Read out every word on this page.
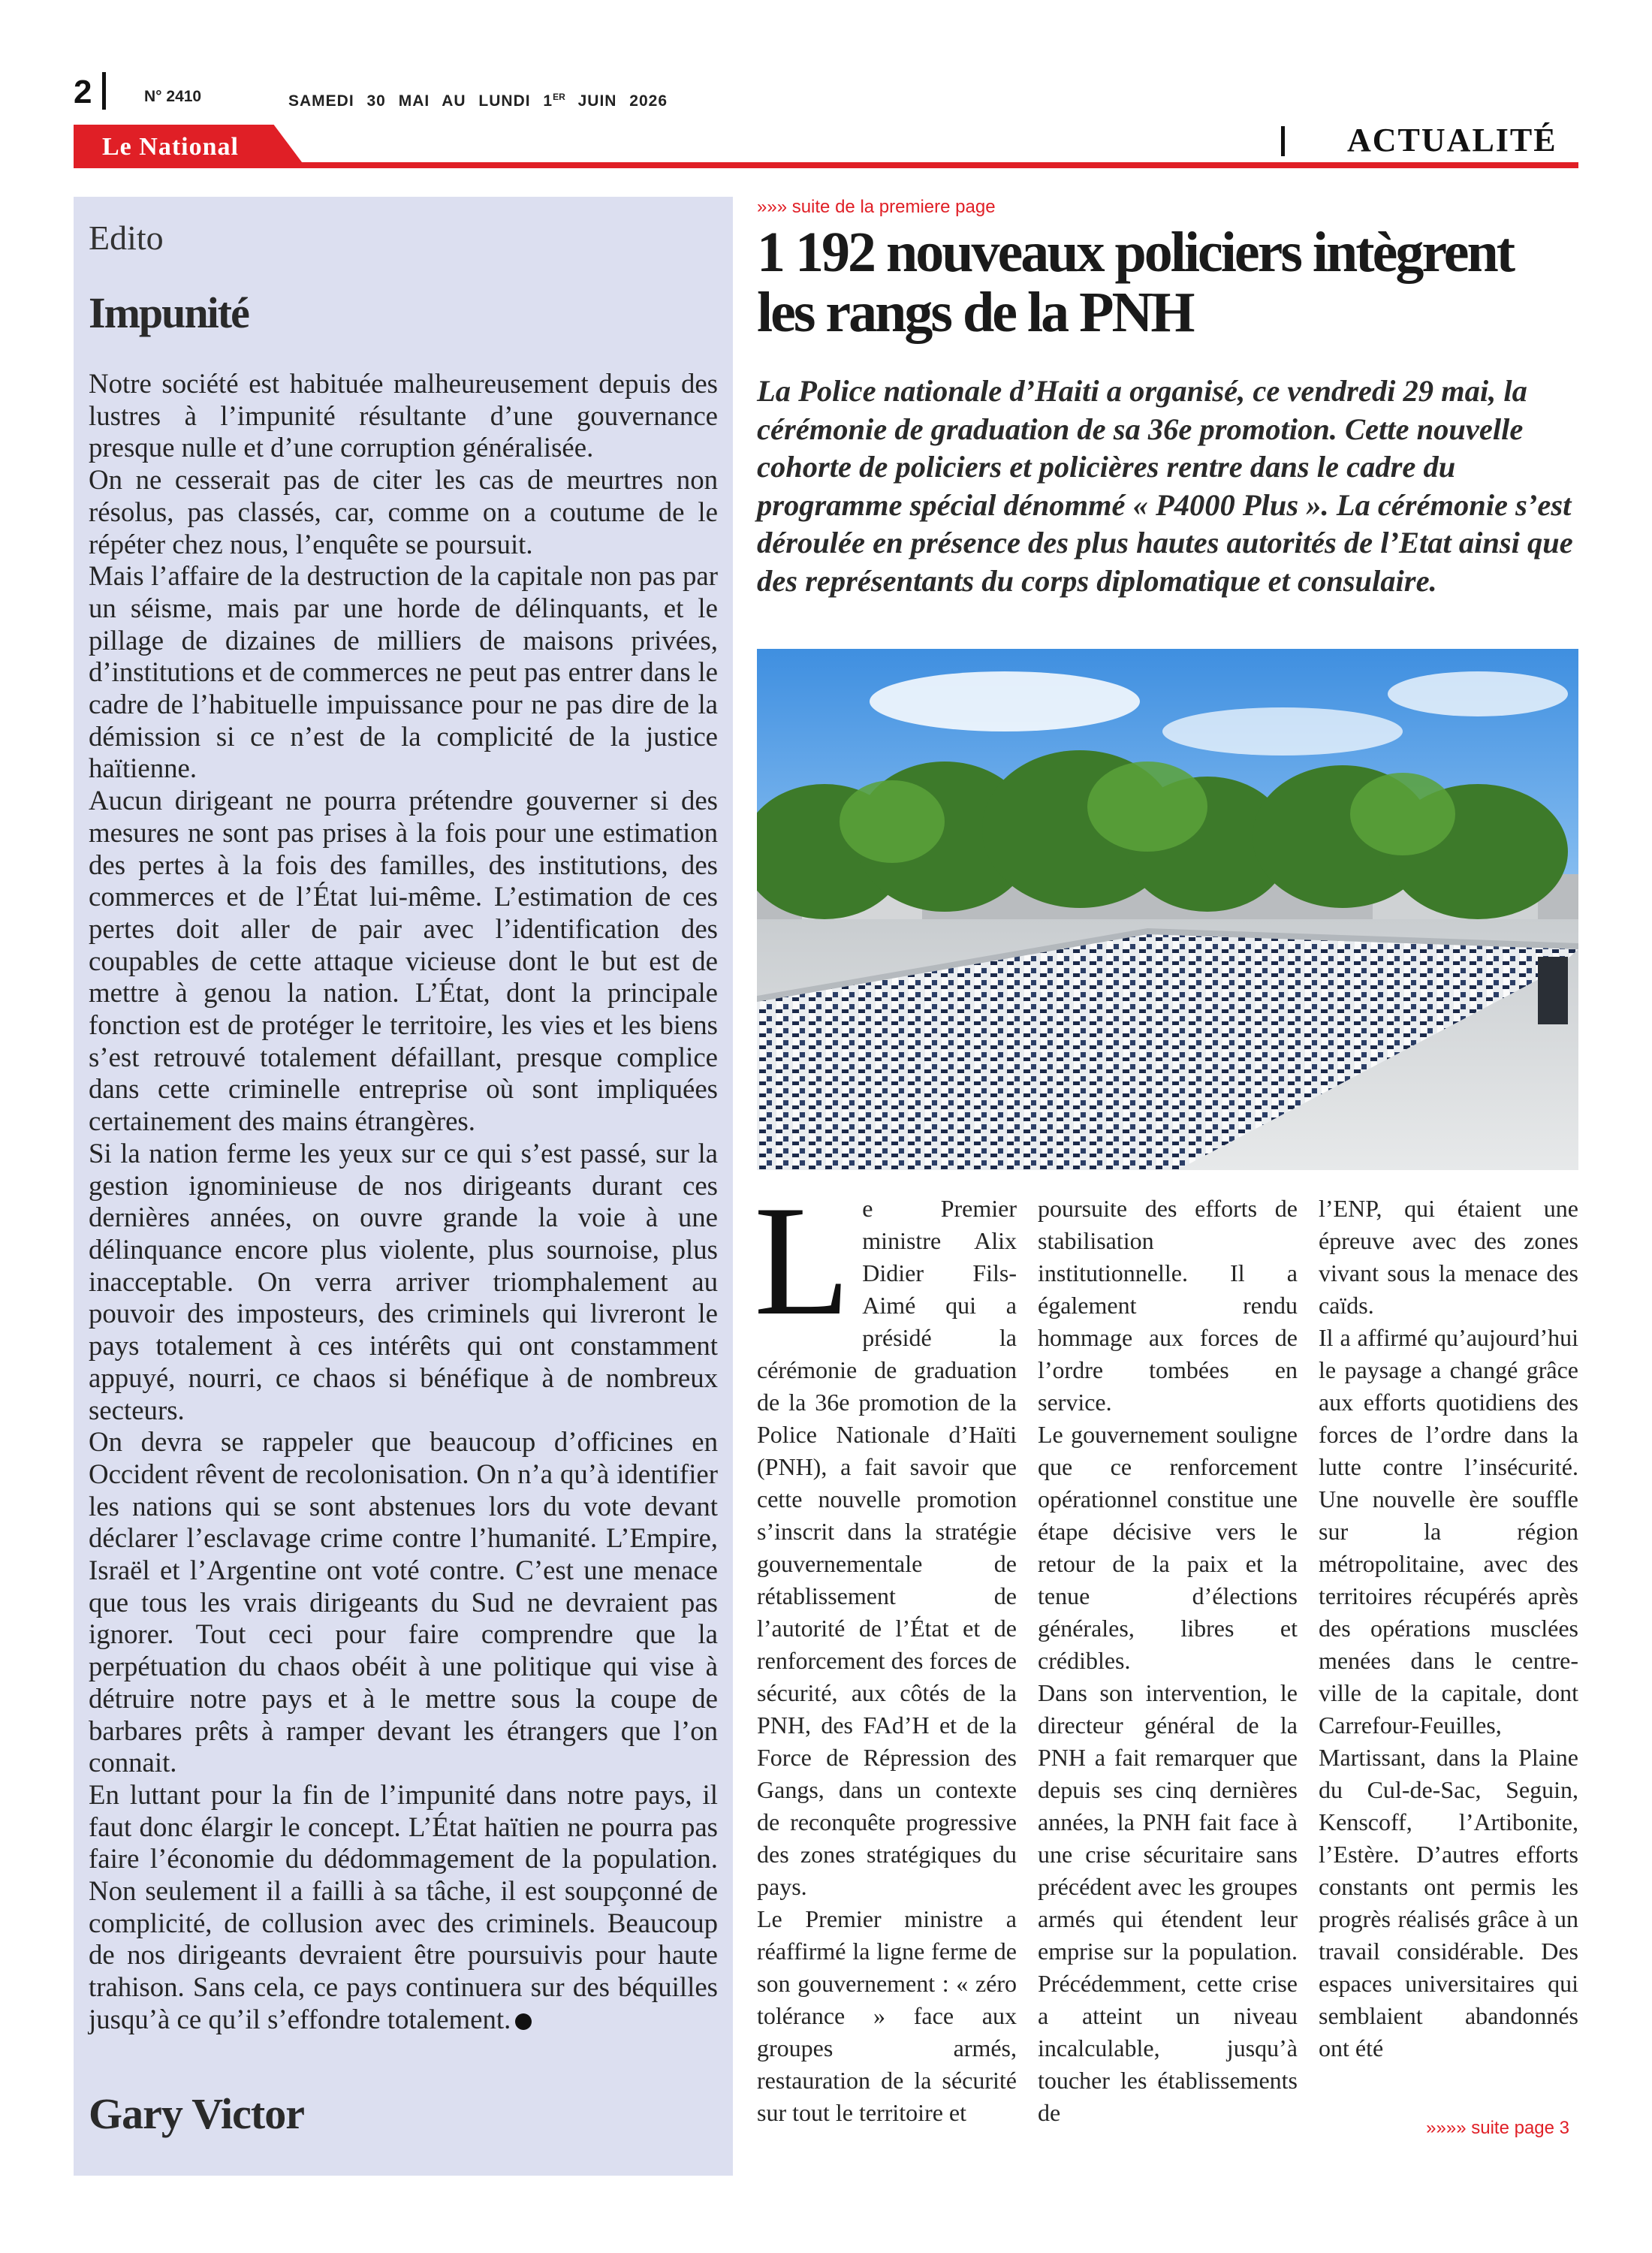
2	N° 2410	SAMEDI 30 MAI AU LUNDI 1ER JUIN 2026
Le National	ACTUALITÉ
Edito
Impunité

Notre société est habituée malheureusement depuis des lustres à l’impunité résultante d’une gouvernance presque nulle et d’une corruption généralisée.

On ne cesserait pas de citer les cas de meurtres non résolus, pas classés, car, comme on a coutume de le répéter chez nous, l’enquête se poursuit.

Mais l’affaire de la destruction de la capitale non pas par un séisme, mais par une horde de délinquants, et le pillage de dizaines de milliers de maisons privées, d’institutions et de commerces ne peut pas entrer dans le cadre de l’habituelle impuissance pour ne pas dire de la démission si ce n’est de la complicité de la justice haïtienne.

Aucun dirigeant ne pourra prétendre gouverner si des mesures ne sont pas prises à la fois pour une estimation des pertes à la fois des familles, des institutions, des commerces et de l’État lui-même. L’estimation de ces pertes doit aller de pair avec l’identification des coupables de cette attaque vicieuse dont le but est de mettre à genou la nation. L’État, dont la principale fonction est de protéger le territoire, les vies et les biens s’est retrouvé totalement défaillant, presque complice dans cette criminelle entreprise où sont impliquées certainement des mains étrangères.

Si la nation ferme les yeux sur ce qui s’est passé, sur la gestion ignominieuse de nos dirigeants durant ces dernières années, on ouvre grande la voie à une délinquance encore plus violente, plus sournoise, plus inacceptable. On verra arriver triomphalement au pouvoir des imposteurs, des criminels qui livreront le pays totalement à ces intérêts qui ont constamment appuyé, nourri, ce chaos si bénéfique à de nombreux secteurs.

On devra se rappeler que beaucoup d’officines en Occident rêvent de recolonisation. On n’a qu’à identifier les nations qui se sont abstenues lors du vote devant déclarer l’esclavage crime contre l’humanité. L’Empire, Israël et l’Argentine ont voté contre. C’est une menace que tous les vrais dirigeants du Sud ne devraient pas ignorer. Tout ceci pour faire comprendre que la perpétuation du chaos obéit à une politique qui vise à détruire notre pays et à le mettre sous la coupe de barbares prêts à ramper devant les étrangers que l’on connait.

En luttant pour la fin de l’impunité dans notre pays, il faut donc élargir le concept. L’État haïtien ne pourra pas faire l’économie du dédommagement de la population. Non seulement il a failli à sa tâche, il est soupçonné de complicité, de collusion avec des criminels. Beaucoup de nos dirigeants devraient être poursuivis pour haute trahison. Sans cela, ce pays continuera sur des béquilles jusqu’à ce qu’il s’effondre totalement.

Gary Victor
»»» suite de la premiere page
1 192 nouveaux policiers intègrent les rangs de la PNH
La Police nationale d’Haiti a organisé, ce vendredi 29 mai, la cérémonie de graduation de sa 36e promotion. Cette nouvelle cohorte de policiers et policières rentre dans le cadre du programme spécial dénommé « P4000 Plus ». La cérémonie s’est déroulée en présence des plus hautes autorités de l’Etat ainsi que des représentants du corps diplomatique et consulaire.
L e Premier ministre Alix Didier Fils-Aimé qui a présidé la cérémonie de graduation de la 36e promotion de la Police Nationale d’Haïti (PNH), a fait savoir que cette nouvelle promotion s’inscrit dans la stratégie gouvernementale de rétablissement de l’autorité de l’État et de renforcement des forces de sécurité, aux côtés de la PNH, des FAd’H et de la Force de Répression des Gangs, dans un contexte de reconquête progressive des zones stratégiques du pays.

Le Premier ministre a réaffirmé la ligne ferme de son gouvernement : « zéro tolérance » face aux groupes armés, restauration de la sécurité sur tout le territoire et

poursuite des efforts de stabilisation institutionnelle. Il a également rendu hommage aux forces de l’ordre tombées en service.

Le gouvernement souligne que ce renforcement opérationnel constitue une étape décisive vers le retour de la paix et la tenue d’élections générales, libres et crédibles.

Dans son intervention, le directeur général de la PNH a fait remarquer que depuis ses cinq dernières années, la PNH fait face à une crise sécuritaire sans précédent avec les groupes armés qui étendent leur emprise sur la population. Précédemment, cette crise a atteint un niveau incalculable, jusqu’à toucher les établissements de

l’ENP, qui étaient une épreuve avec des zones vivant sous la menace des caïds.

Il a affirmé qu’aujourd’hui le paysage a changé grâce aux efforts quotidiens des forces de l’ordre dans la lutte contre l’insécurité. Une nouvelle ère souffle sur la région métropolitaine, avec des territoires récupérés après des opérations musclées menées dans le centre-ville de la capitale, dont Carrefour-Feuilles, Martissant, dans la Plaine du Cul-de-Sac, Seguin, Kenscoff, l’Artibonite, l’Estère. D’autres efforts constants ont permis les progrès réalisés grâce à un travail considérable. Des espaces universitaires qui semblaient abandonnés ont été

»»»» suite page 3
